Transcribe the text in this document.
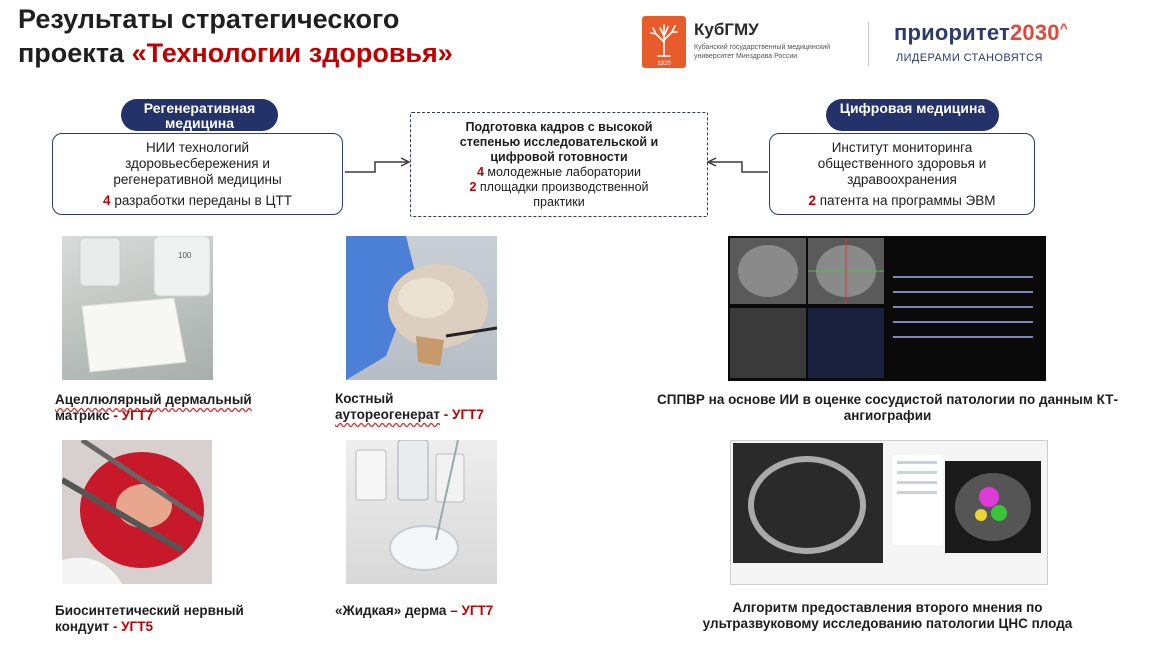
Результаты стратегического
проекта «Технологии здоровья»	1920
КубГМУ
Кубанский государственный медицинский университет Минздрава России
приоритет2030^
ЛИДЕРАМИ СТАНОВЯТСЯ
Регенеративная медицина
Цифровая медицина
НИИ технологий здоровьесбережения и регенеративной медицины
4 разработки переданы в ЦТТ
Подготовка кадров с высокой степенью исследовательской и цифровой готовности
4 молодежные лаборатории
2 площадки производственной практики
Институт мониторинга общественного здоровья и здравоохранения
2 патента на программы ЭВМ
100
Ацеллюлярный дермальный
матрикс - УГТ7
Костный
аутореогенерат - УГТ7
СППВР на основе ИИ в оценке сосудистой патологии по данным КТ-ангиографии
Биосинтетический нервный
кондуит - УГТ5
«Жидкая» дерма – УГТ7	Алгоритм предоставления второго мнения по ультразвуковому исследованию патологии ЦНС плода
